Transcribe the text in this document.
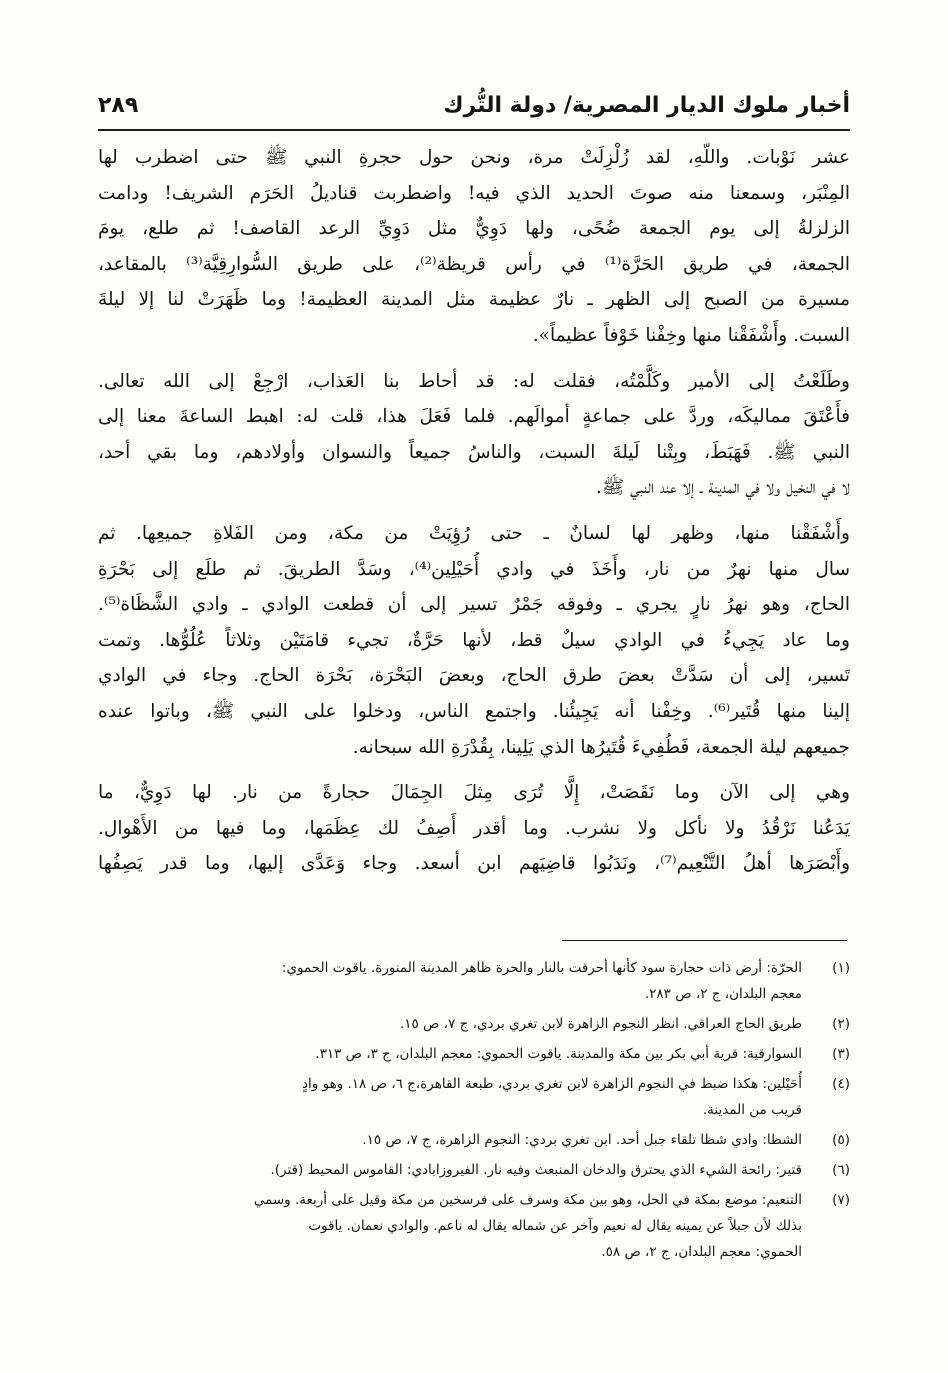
أخبار ملوك الديار المصرية/ دولة التُّرك
٢٨٩
عشر نَوْبات. واللّهِ، لقد زُلْزِلَتْ مرة، ونحن حول حجرةِ النبي ﷺ حتى اضطرب لها
المِنْبَر، وسمعنا منه صوتَ الحديد الذي فيه! واضطربت قناديلُ الحَرَم الشريف! ودامت
الزلزلةُ إلى يوم الجمعة ضُحًى، ولها دَوِيٌّ مثل دَوِيِّ الرعد القاصف! ثم طلع، يومَ
الجمعة، في طريق الحَرَّة⁽¹⁾ في رأس قريظة⁽²⁾، على طريق السُّوارِقِيَّة⁽³⁾ بالمقاعد،
مسيرة من الصبح إلى الظهر ـ نارٌ عظيمة مثل المدينة العظيمة! وما ظَهَرَتْ لنا إلا ليلةَ
السبت. وأَشْفَقْنا منها وخِفْنا خَوْفاً عظيماً».
وطَلَعْتُ إلى الأمير وكَلَّمْتُه، فقلت له: قد أحاط بنا العَذاب، ارْجِعْ إلى الله تعالى.
فأَعْتَقَ مماليكَه، وردَّ على جماعةٍ أموالَهم. فلما فَعَلَ هذا، قلت له: اهبط الساعةَ معنا إلى
النبي ﷺ. فَهَبَطَ، وبِتْنا لَيلةَ السبت، والناسُ جميعاً والنسوان وأولادهم، وما بقي أحد،
لا في النخيل ولا في المدينة ـ إلا عند النبي ﷺ.
وأَشْفَقْنا منها، وظهر لها لسانٌ ـ حتى رُؤِيَتْ من مكة، ومن الفَلاةِ جميعِها. ثم
سال منها نهرٌ من نار، وأَخَذَ في وادي أُحَيْلِين⁽⁴⁾، وسَدَّ الطريقَ. ثم طلَع إلى بَحْرَةِ
الحاج، وهو نهرُ نارٍ يجري ـ وفوقه جَمْرٌ تسير إلى أن قطعت الوادي ـ وادي الشَّظَاة⁽⁵⁾.
وما عاد يَجِيءُ في الوادي سيلٌ قط، لأنها حَرَّةٌ، تجيء قامَتَيْن وثلاثاً عُلُوُّها. وتمت
تَسير، إلى أن سَدَّتْ بعضَ طرق الحاج، وبعضَ البَحْرَة، بَحْرَة الحاج. وجاء في الوادي
إلينا منها قُتَير⁽⁶⁾. وخِفْنا أنه يَجِيئُنا. واجتمع الناس، ودخلوا على النبي ﷺ، وباتوا عنده
جميعهم ليلة الجمعة، فَطُفِيءَ قُتَيرُها الذي يَلِينا، بِقُدْرَةِ الله سبحانه.
وهي إلى الآن وما نَقَصَتْ، إِلَّا تُرَى مِثلَ الجِمَالَ حجارةً من نار. لها دَوِيٌّ، ما
يَدَعُنا نَرْقُدُ ولا نأكل ولا نشرب. وما أقدر أَصِفُ لك عِظَمَها، وما فيها من الأَهْوال.
وأَبْصَرَها أهلُ التَّنْعِيم⁽⁷⁾، ونَدَبُوا قاضِيَهم ابن أسعد. وجاء وَعَدَّى إليها، وما قدر يَصِفُها
(١)
الحرّة: أرض ذات حجارة سود كأنها أحرقت بالنار والحرة ظاهر المدينة المنورة. ياقوت الحموي:
معجم البلدان، ج ٢، ص ٢٨٣.
(٢)
طريق الحاج العراقي. انظر النجوم الزاهرة لابن تغري بردي، ج ٧، ص ١٥.
(٣)
السوارقية: قرية أبي بكر بين مكة والمدينة. ياقوت الحموي: معجم البلدان، ج ٣، ص ٣١٣.
(٤)
أُحَيْلين: هكذا ضبط في النجوم الزاهرة لابن تغري بردي، طبعة القاهرة،ج ٦، ص ١٨. وهو وادٍ
قريب من المدينة.
(٥)
الشظا: وادي شظا تلقاء جبل أحد. ابن تغري بردي: النجوم الزاهرة، ج ٧، ص ١٥.
(٦)
قتير: رائحة الشيء الذي يحترق والدخان المنبعث وفيه نار. الفيروزابادي: القاموس المحيط (قتر).
(٧)
التنعيم: موضع بمكة في الحل، وهو بين مكة وسرف على فرسخين من مكة وقيل على أربعة. وسمي
بذلك لأن جبلاً عن يمينه يقال له نعيم وآخر عن شماله يقال له ناعم. والوادي نعمان. ياقوت
الحموي: معجم البلدان، ج ٢، ص ٥٨.
